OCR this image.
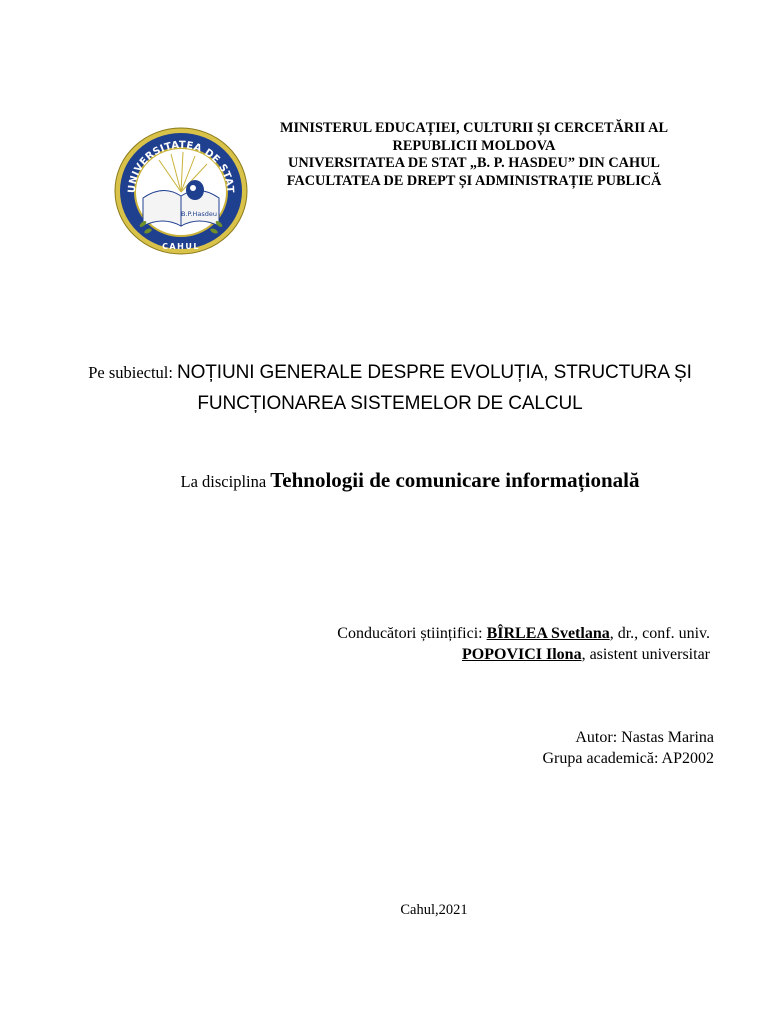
UNIVERSITATEA DE STAT
CAHUL
B.P.Hasdeu
MINISTERUL EDUCAȚIEI, CULTURII ȘI CERCETĂRII AL
REPUBLICII MOLDOVA
UNIVERSITATEA DE STAT „B. P. HASDEU” DIN CAHUL
FACULTATEA DE DREPT ȘI ADMINISTRAȚIE PUBLICĂ
Pe subiectul: NOȚIUNI GENERALE DESPRE EVOLUȚIA, STRUCTURA ȘI
FUNCȚIONAREA SISTEMELOR DE CALCUL
La disciplina Tehnologii de comunicare informațională
Conducători științifici: BÎRLEA Svetlana, dr., conf. univ.
POPOVICI Ilona, asistent universitar
Autor: Nastas Marina
Grupa academică: AP2002
Cahul,2021
